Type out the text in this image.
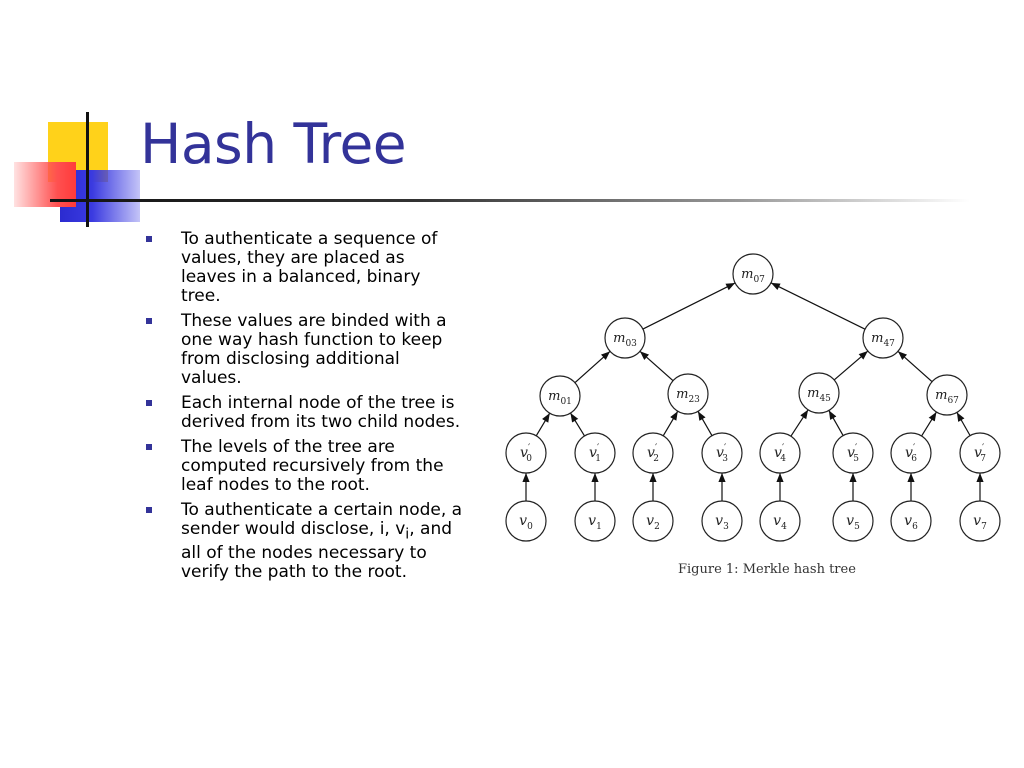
Hash Tree
To authenticate a sequence of values, they are placed as leaves in a balanced, binary tree.
These values are binded with a one way hash function to keep from disclosing additional values.
Each internal node of the tree is derived from its two child nodes.
The levels of the tree are computed recursively from the leaf nodes to the root.
To authenticate a certain node, a sender would disclose, i, $v_i$, and all of the nodes necessary to verify the path to the root.
$m_{07}$
$m_{03}$	$m_{47}$
$m_{01}$	$m_{23}$	$m_{45}$	$m_{67}$
v′ 0	v′ 1	v′ 2	v′ 3	v′ 4	v′ 5	v′ 6	v′ 7
$v_0$	$v_1$	$v_2$	$v_3$	$v_4$	$v_5$	$v_6$	$v_7$
Figure 1: Merkle hash tree
